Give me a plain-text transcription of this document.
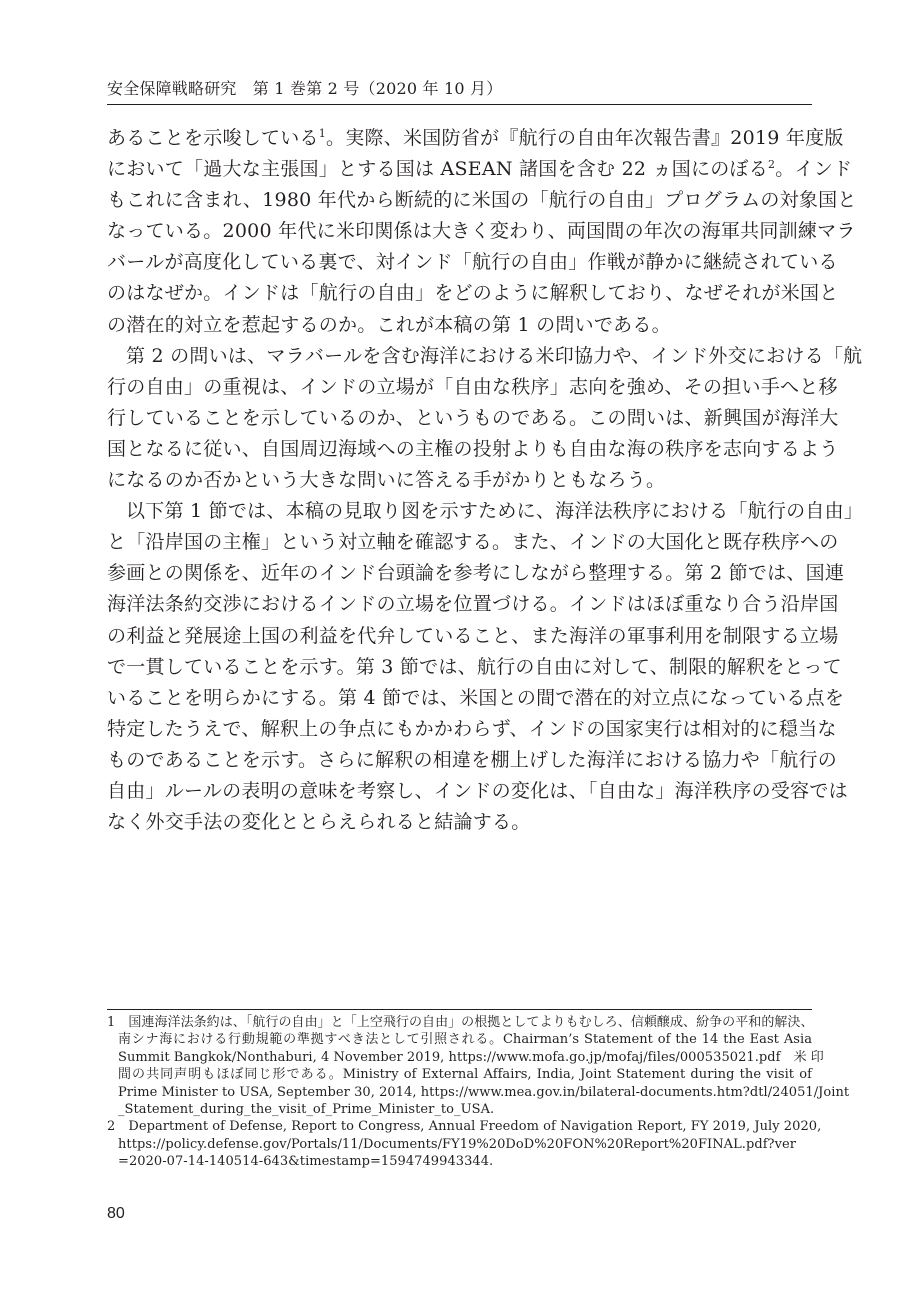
安全保障戦略研究　第 1 巻第 2 号（2020 年 10 月）
あることを示唆している$^1$。実際、米国防省が『航行の自由年次報告書』2019 年度版
において「過大な主張国」とする国は ASEAN 諸国を含む 22 ヵ国にのぼる$^2$。インド
もこれに含まれ、1980 年代から断続的に米国の「航行の自由」プログラムの対象国と
なっている。2000 年代に米印関係は大きく変わり、両国間の年次の海軍共同訓練マラ
バールが高度化している裏で、対インド「航行の自由」作戦が静かに継続されている
のはなぜか。インドは「航行の自由」をどのように解釈しており、なぜそれが米国と
の潜在的対立を惹起するのか。これが本稿の第 1 の問いである。
第 2 の問いは、マラバールを含む海洋における米印協力や、インド外交における「航
行の自由」の重視は、インドの立場が「自由な秩序」志向を強め、その担い手へと移
行していることを示しているのか、というものである。この問いは、新興国が海洋大
国となるに従い、自国周辺海域への主権の投射よりも自由な海の秩序を志向するよう
になるのか否かという大きな問いに答える手がかりともなろう。
以下第 1 節では、本稿の見取り図を示すために、海洋法秩序における「航行の自由」
と「沿岸国の主権」という対立軸を確認する。また、インドの大国化と既存秩序への
参画との関係を、近年のインド台頭論を参考にしながら整理する。第 2 節では、国連
海洋法条約交渉におけるインドの立場を位置づける。インドはほぼ重なり合う沿岸国
の利益と発展途上国の利益を代弁していること、また海洋の軍事利用を制限する立場
で一貫していることを示す。第 3 節では、航行の自由に対して、制限的解釈をとって
いることを明らかにする。第 4 節では、米国との間で潜在的対立点になっている点を
特定したうえで、解釈上の争点にもかかわらず、インドの国家実行は相対的に穏当な
ものであることを示す。さらに解釈の相違を棚上げした海洋における協力や「航行の
自由」ルールの表明の意味を考察し、インドの変化は、「自由な」海洋秩序の受容では
なく外交手法の変化ととらえられると結論する。
1　国連海洋法条約は、「航行の自由」と「上空飛行の自由」の根拠としてよりもむしろ、信頼醸成、紛争の平和的解決、
南シナ海における行動規範の準拠すべき法として引照される。Chairman’s Statement of the 14 the East Asia
Summit Bangkok/Nonthaburi, 4 November 2019, https://www.mofa.go.jp/mofaj/files/000535021.pdf　米 印
間の共同声明もほぼ同じ形である。Ministry of External Affairs, India, Joint Statement during the visit of
Prime Minister to USA, September 30, 2014, https://www.mea.gov.in/bilateral-documents.htm?dtl/24051/Joint
_Statement_during_the_visit_of_Prime_Minister_to_USA.
2　Department of Defense, Report to Congress, Annual Freedom of Navigation Report, FY 2019, July 2020,
https://policy.defense.gov/Portals/11/Documents/FY19%20DoD%20FON%20Report%20FINAL.pdf?ver
=2020-07-14-140514-643&timestamp=1594749943344.
80
